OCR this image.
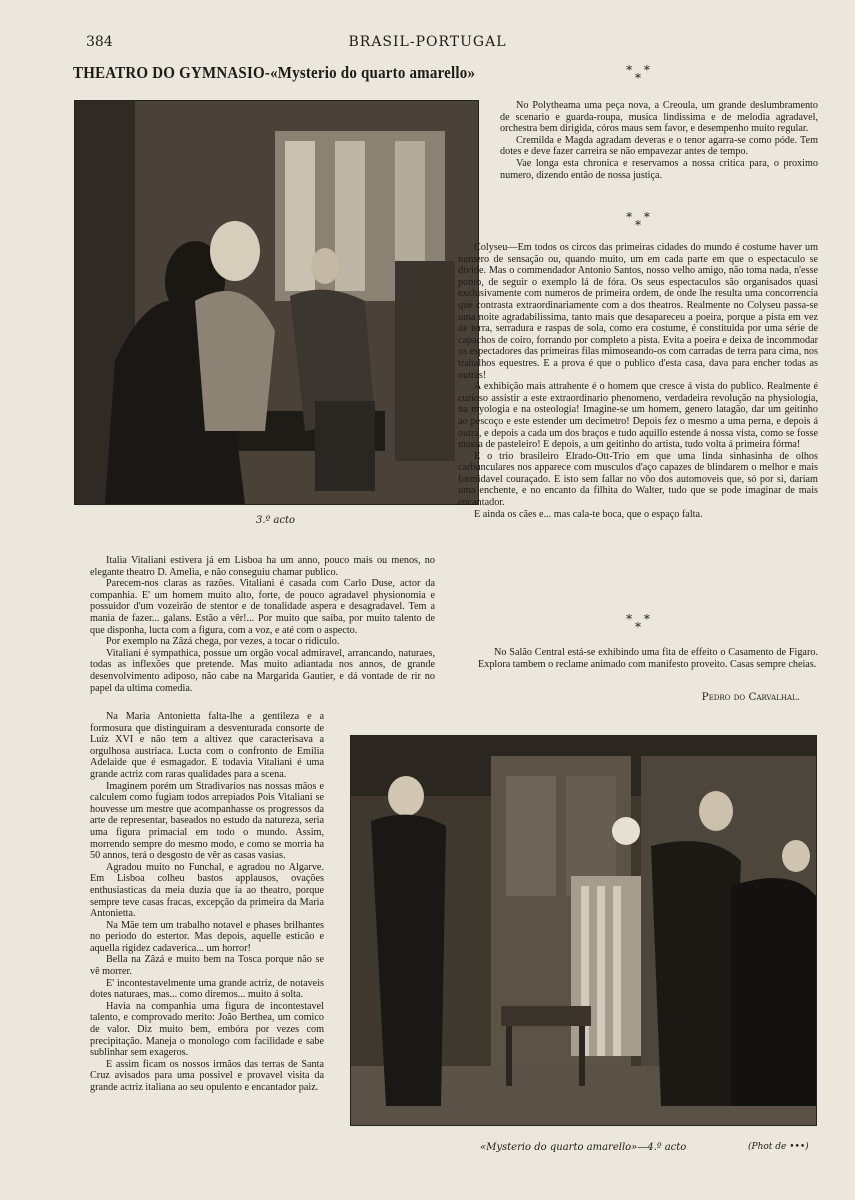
384	BRASIL-PORTUGAL
THEATRO DO GYMNASIO-«Mysterio do quarto amarello»
3.º acto

Italia Vitaliani estivera já em Lisboa ha um anno, pouco mais ou menos, no elegante theatro D. Amelia, e não conseguiu chamar publico.

Parecem-nos claras as razões. Vitaliani é casada com Carlo Duse, actor da companhia. E' um homem muito alto, forte, de pouco agradavel physionomia e possuidor d'um vozeirão de stentor e de tonalidade aspera e desagradavel. Tem a mania de fazer... galans. Estão a vêr!... Por muito que saiba, por muito talento de que disponha, lucta com a figura, com a voz, e até com o aspecto.

Por exemplo na Zâzá chega, por vezes, a tocar o ridiculo.

Vitaliani é sympathica, possue um orgão vocal admiravel, arrancando, naturaes, todas as inflexões que pretende. Mas muito adiantada nos annos, de grande desenvolvimento adiposo, não cabe na Margarida Gautier, e dá vontade de rir no papel da ultima comedia.

Na Maria Antonietta falta-lhe a gentileza e a formosura que distinguiram a desventurada consorte de Luiz XVI e não tem a altivez que caracterisava a orgulhosa austriaca. Lucta com o confronto de Emilia Adelaide que é esmagador. E todavia Vitaliani é uma grande actriz com raras qualidades para a scena.

Imaginem porém um Stradivarios nas nossas mãos e calculem como fugiam todos arrepiados Pois Vitaliani se houvesse um mestre que acompanhasse os progressos da arte de representar, baseados no estudo da natureza, seria uma figura primacial em todo o mundo. Assim, morrendo sempre do mesmo modo, e como se morria ha 50 annos, terá o desgosto de vêr as casas vasias.

Agradou muito no Funchal, e agradou no Algarve. Em Lisboa colheu bastos applausos, ovações enthusiasticas da meia duzia que ia ao theatro, porque sempre teve casas fracas, excepção da primeira da Maria Antonietta.

Na Mãe tem um trabalho notavel e phases brilhantes no periodo do estertor. Mas depois, aquelle esticão e aquella rigidez cadaverica... um horror!

Bella na Zâzá e muito bem na Tosca porque não se vê morrer.

E' incontestavelmente uma grande actriz, de notaveis dotes naturaes, mas... como diremos... muito á solta.

Havia na companhia uma figura de incontestavel talento, e comprovado merito: João Berthea, um comico de valor. Diz muito bem, embóra por vezes com precipitação. Maneja o monologo com facilidade e sabe sublinhar sem exageros.

E assim ficam os nossos irmãos das terras de Santa Cruz avisados para uma possivel e provavel visita da grande actriz italiana ao seu opulento e encantador paiz.

* *
*

No Polytheama uma peça nova, a Creoula, um grande deslumbramento de scenario e guarda-roupa, musica lindissima e de melodia agradavel, orchestra bem dirigida, córos maus sem favor, e desempenho muito regular.

Cremilda e Magda agradam deveras e o tenor agarra-se como póde. Tem dotes e deve fazer carreira se não empavezar antes de tempo.

Vae longa esta chronica e reservamos a nossa critica para, o proximo numero, dizendo então de nossa justiça.

* *
*

Colyseu—Em todos os circos das primeiras cidades do mundo é costume haver um numero de sensação ou, quando muito, um em cada parte em que o espectaculo se divide. Mas o commendador Antonio Santos, nosso velho amigo, não toma nada, n'esse ponto, de seguir o exemplo lá de fóra. Os seus espectaculos são organisados quasi exclusivamente com numeros de primeira ordem, de onde lhe resulta uma concorrencia que contrasta extraordinariamente com a dos theatros. Realmente no Colyseu passa-se uma noite agradabilissima, tanto mais que desapareceu a poeira, porque a pista em vez de terra, serradura e raspas de sola, como era costume, é constituida por uma série de capachos de coiro, forrando por completo a pista. Evita a poeira e deixa de incommodar os espectadores das primeiras filas mimoseando-os com carradas de terra para cima, nos trabalhos equestres. E a prova é que o publico d'esta casa, dava para encher todas as outras!

A exhibição mais attrahente é o homem que cresce á vista do publico. Realmente é curioso assistir a este extraordinario phenomeno, verdadeira revolução na physiologia, na myologia e na osteologia! Imagine-se um homem, genero latagão, dar um geitinho ao pescoço e este estender um decimetro! Depois fez o mesmo a uma perna, e depois á outra, e depois a cada um dos braços e tudo aquillo estende á nossa vista, como se fosse massa de pasteleiro! E depois, a um geitinho do artista, tudo volta á primeira fórma!

E o trio brasileiro Elrado-Ott-Trio em que uma linda sinhasinha de olhos carbunculares nos apparece com musculos d'aço capazes de blindarem o melhor e mais formidavel couraçado. E isto sem fallar no vôo dos automoveis que, só por si, dariam uma enchente, e no encanto da filhita do Walter, tudo que se pode imaginar de mais encantador.

E ainda os cães e... mas cala-te boca, que o espaço falta.

* *
*

No Salão Central está-se exhibindo uma fita de effeito o Casamento de Figaro. Explora tambem o reclame animado com manifesto proveito. Casas sempre cheias.

Pedro do Carvalhal.
«Mysterio do quarto amarello»—4.º acto	(Phot de •••)
